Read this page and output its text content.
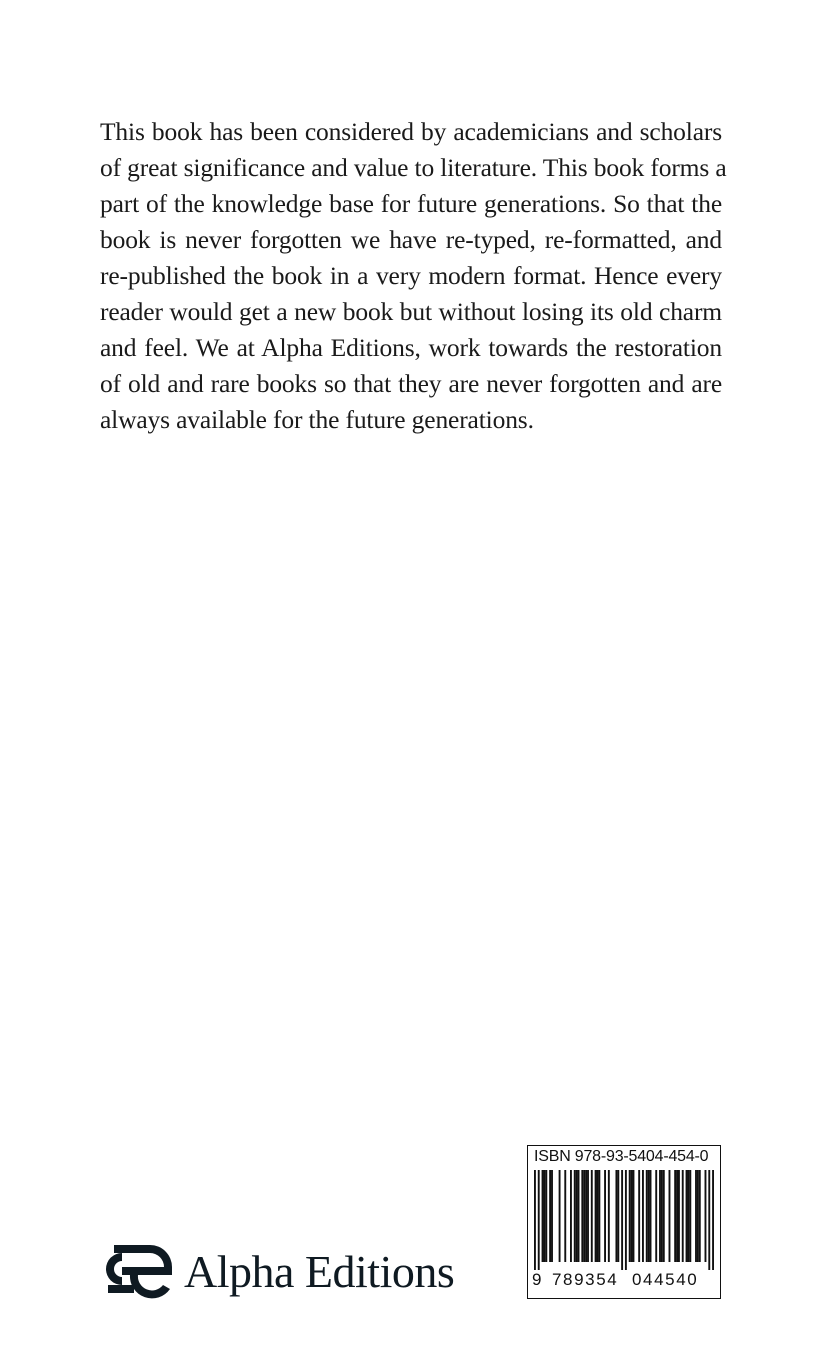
This book has been considered by academicians and scholars
of great significance and value to literature. This book forms a
part of the knowledge base for future generations. So that the
book is never forgotten we have re-typed, re-formatted, and
re-published the book in a very modern format. Hence every
reader would get a new book but without losing its old charm
and feel. We at Alpha Editions, work towards the restoration
of old and rare books so that they are never forgotten and are
always available for the future generations.
Alpha Editions
ISBN 978-93-5404-454-0
9 789354 044540
